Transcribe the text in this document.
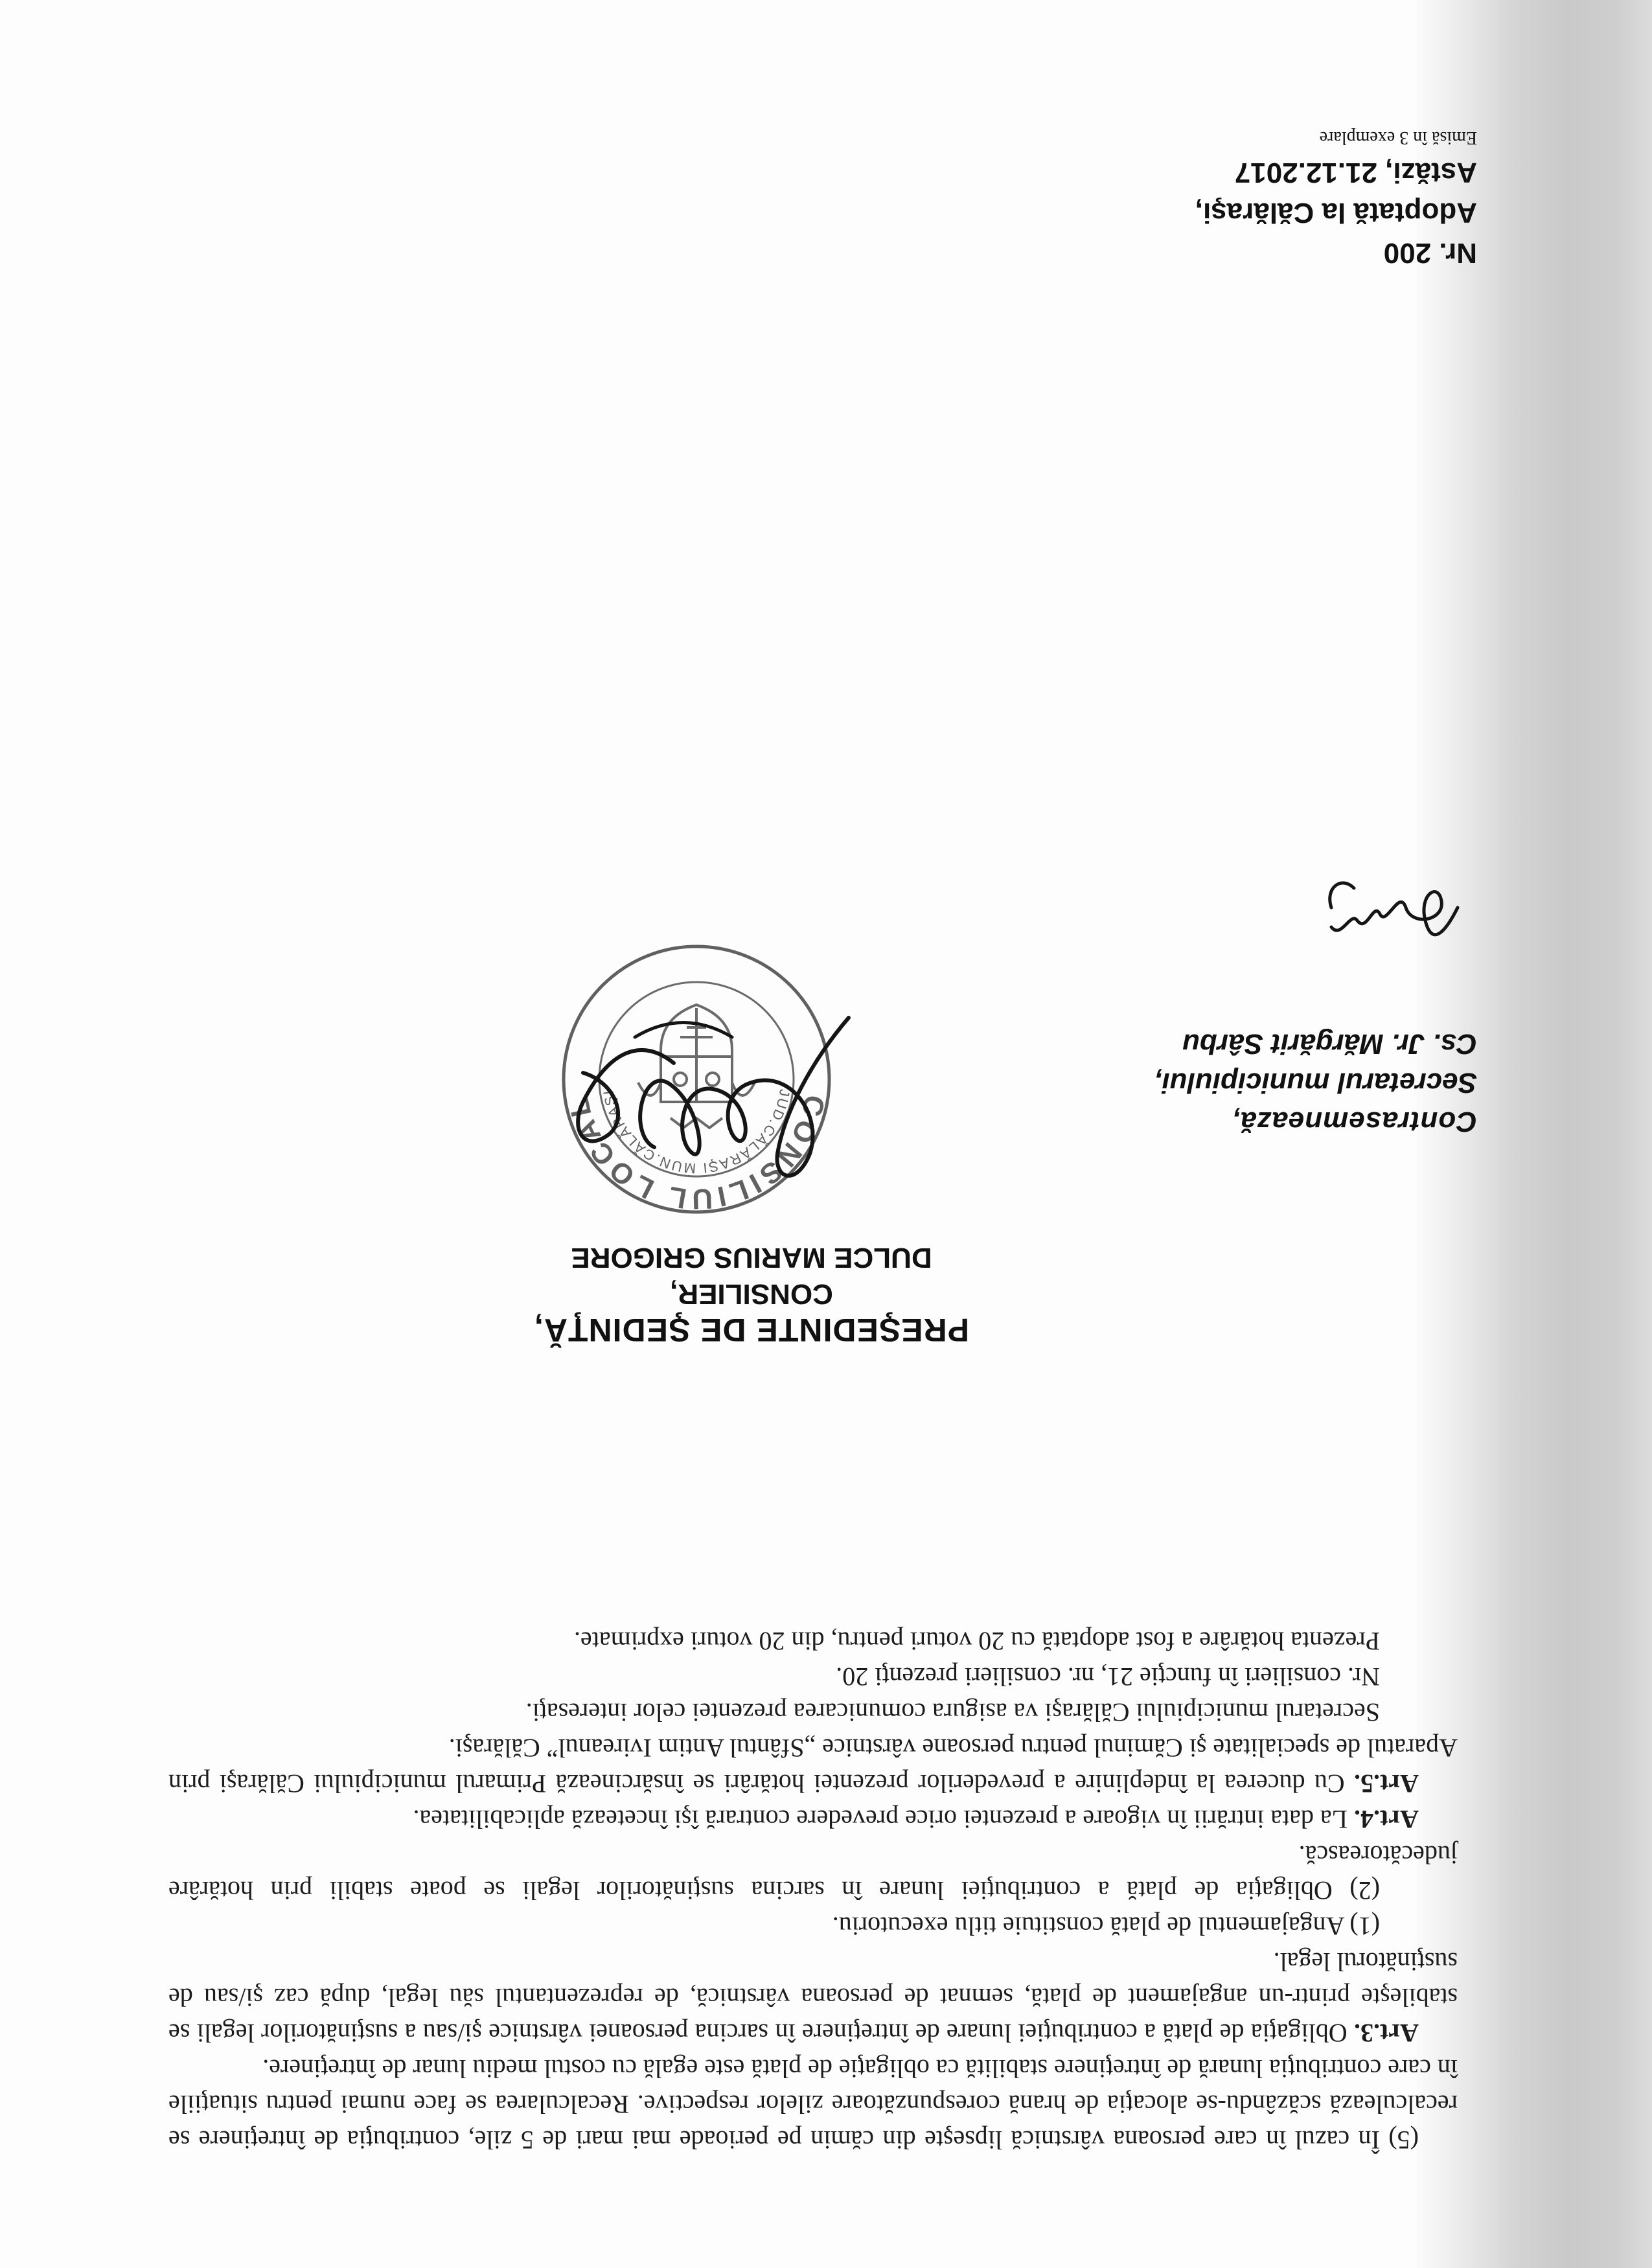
(5) În cazul în care persoana vârstnică lipseşte din cămin pe perioade mai mari de 5 zile, contribuţia de întreţinere se recalculează scăzându-se alocaţia de hrană corespunzătoare zilelor respective. Recalcularea se face numai pentru situaţiile în care contribuţia lunară de întreţinere stabilită ca obligaţie de plată este egală cu costul mediu lunar de întreţinere.

Art.3. Obligaţia de plată a contribuţiei lunare de întreţinere în sarcina persoanei vârstnice şi/sau a susţinătorilor legali se stabileşte printr-un angajament de plată, semnat de persoana vârstnică, de reprezentantul său legal, după caz şi/sau de susţinătorul legal.

(1) Angajamentul de plată constituie titlu executoriu.

(2) Obligaţia de plată a contribuţiei lunare în sarcina susţinătorilor legali se poate stabili prin hotărâre judecătorească.

Art.4. La data intrării în vigoare a prezentei orice prevedere contrară îşi încetează aplicabilitatea.

Art.5. Cu ducerea la îndeplinire a prevederilor prezentei hotărâri se însărcinează Primarul municipiului Călăraşi prin Aparatul de specialitate şi Căminul pentru persoane vârstnice „Sfântul Antim Ivireanul” Călăraşi.

Secretarul municipiului Călăraşi va asigura comunicarea prezentei celor interesaţi.

Nr. consilieri în funcţie 21, nr. consilieri prezenţi 20.

Prezenta hotărâre a fost adoptată cu 20 voturi pentru, din 20 voturi exprimate.

PREŞEDINTE DE ŞEDINŢĂ,
CONSILIER,
DULCE MARIUS GRIGORE
CONSILIUL LOCAL	JUD.CĂLĂRAŞI MUN.CĂLĂRAŞI
Contrasemnează,
Secretarul municipiului,
Cs. Jr. Mărgărit Sârbu
Nr. 200
Adoptată la Călăraşi,
Astăzi, 21.12.2017
Emisă în 3 exemplare
